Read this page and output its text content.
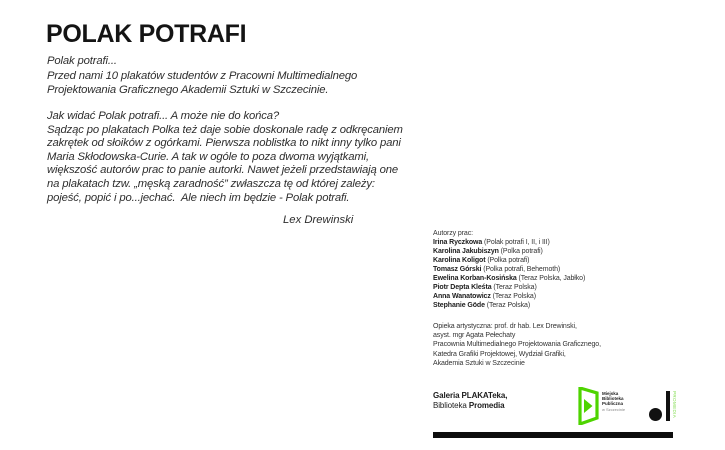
POLAK POTRAFI

Polak potrafi...
Przed nami 10 plakatów studentów z Pracowni Multimedialnego
Projektowania Graficznego Akademii Sztuki w Szczecinie.

Jak widać Polak potrafi... A może nie do końca?
Sądząc po plakatach Polka też daje sobie doskonale radę z odkręcaniem
zakrętek od słoików z ogórkami. Pierwsza noblistka to nikt inny tylko pani
Maria Skłodowska-Curie. A tak w ogóle to poza dwoma wyjątkami,
większość autorów prac to panie autorki. Nawet jeżeli przedstawiają one
na plakatach tzw. „męską zaradność” zwłaszcza tę od której zależy:
pojeść, popić i po...jechać.  Ale niech im będzie - Polak potrafi.

Lex Drewinski

Autorzy prac:
Irina Ryczkowa (Polak potrafi I, II, i III)
Karolina Jakubiszyn (Polka potrafi)
Karolina Koligot (Polka potrafi)
Tomasz Górski (Polka potrafi, Behemoth)
Ewelina Korban-Kosińska (Teraz Polska, Jabłko)
Piotr Depta Kleśta (Teraz Polska)
Anna Wanatowicz (Teraz Polska)
Stephanie Göde (Teraz Polska)
Opieka artystyczna: prof. dr hab. Lex Drewinski,
asyst. mgr Agata Pełechaty
Pracownia Multimedialnego Projektowania Graficznego,
Katedra Grafiki Projektowej, Wydział Grafiki,
Akademia Sztuki w Szczecinie
Galeria PLAKATeka,
Biblioteka Promedia
Miejska
Biblioteka
Publiczna
w Szczecinie	PROMEDIA
